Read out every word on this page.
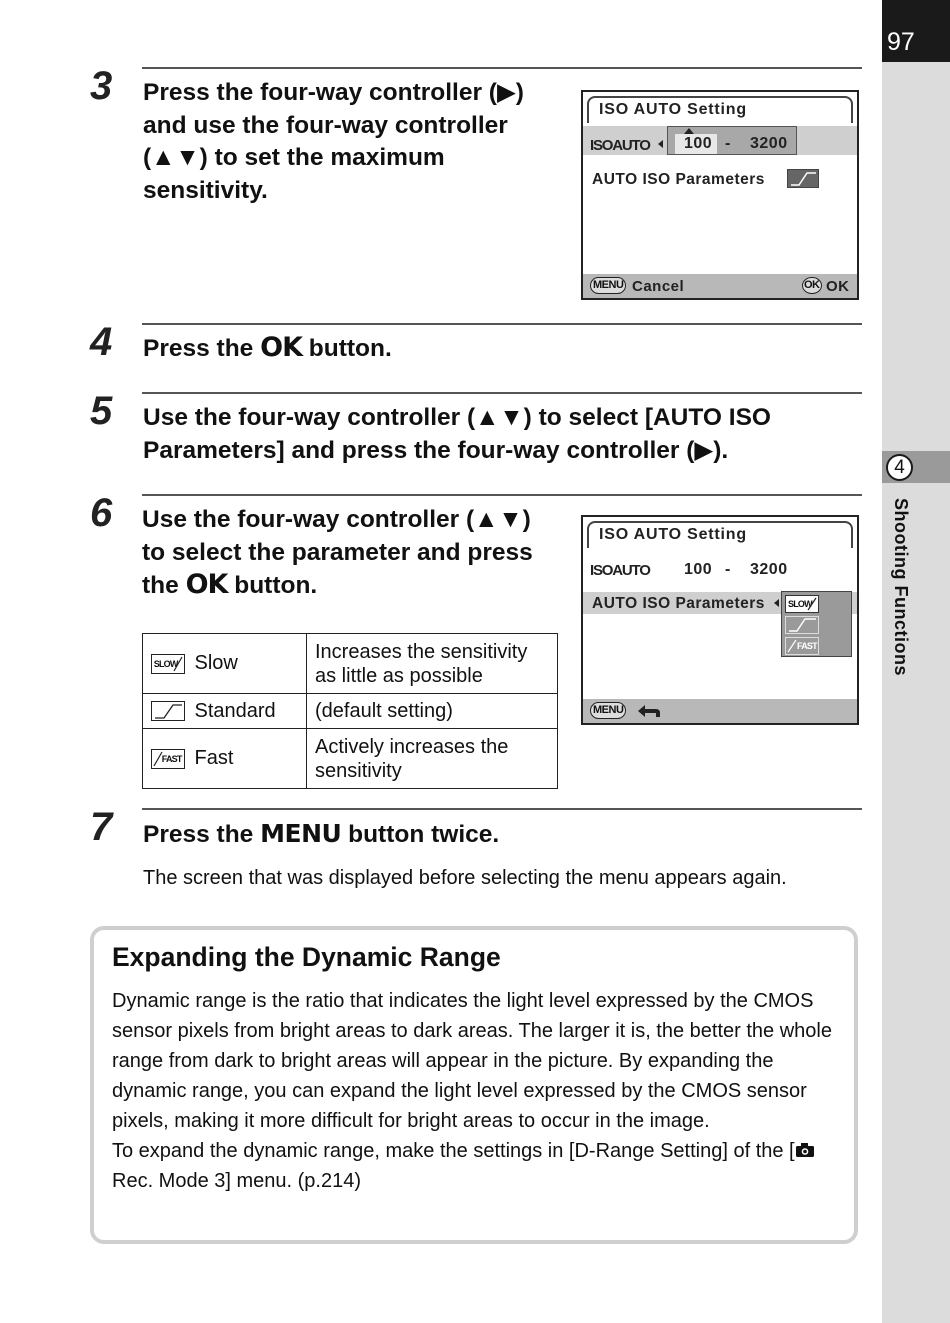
97
4
Shooting Functions
3 Press the four-way controller (▶)
and use the four-way controller
(▲▼) to set the maximum
sensitivity.
ISO AUTO Setting
ISOAUTO 100 - 3200
AUTO ISO Parameters
MENU Cancel	OK OK
4 Press the OK button.
5 Use the four-way controller (▲▼) to select [AUTO ISO
Parameters] and press the four-way controller (▶).
6 Use the four-way controller (▲▼)
to select the parameter and press
the OK button.
ISO AUTO Setting
ISOAUTO 100 - 3200
AUTO ISO Parameters	SLOW
FAST
MENU
SLOW	Slow	Increases the sensitivity as little as possible

	Standard	(default setting)

FAST	Fast	Actively increases the sensitivity
7 Press the MENU button twice.
The screen that was displayed before selecting the menu appears again.
Expanding the Dynamic Range
Dynamic range is the ratio that indicates the light level expressed by the CMOS sensor pixels from bright areas to dark areas. The larger it is, the better the whole range from dark to bright areas will appear in the picture. By expanding the dynamic range, you can expand the light level expressed by the CMOS sensor pixels, making it more difficult for bright areas to occur in the image.
To expand the dynamic range, make the settings in [D-Range Setting] of the [ Rec. Mode 3] menu. (p.214)
